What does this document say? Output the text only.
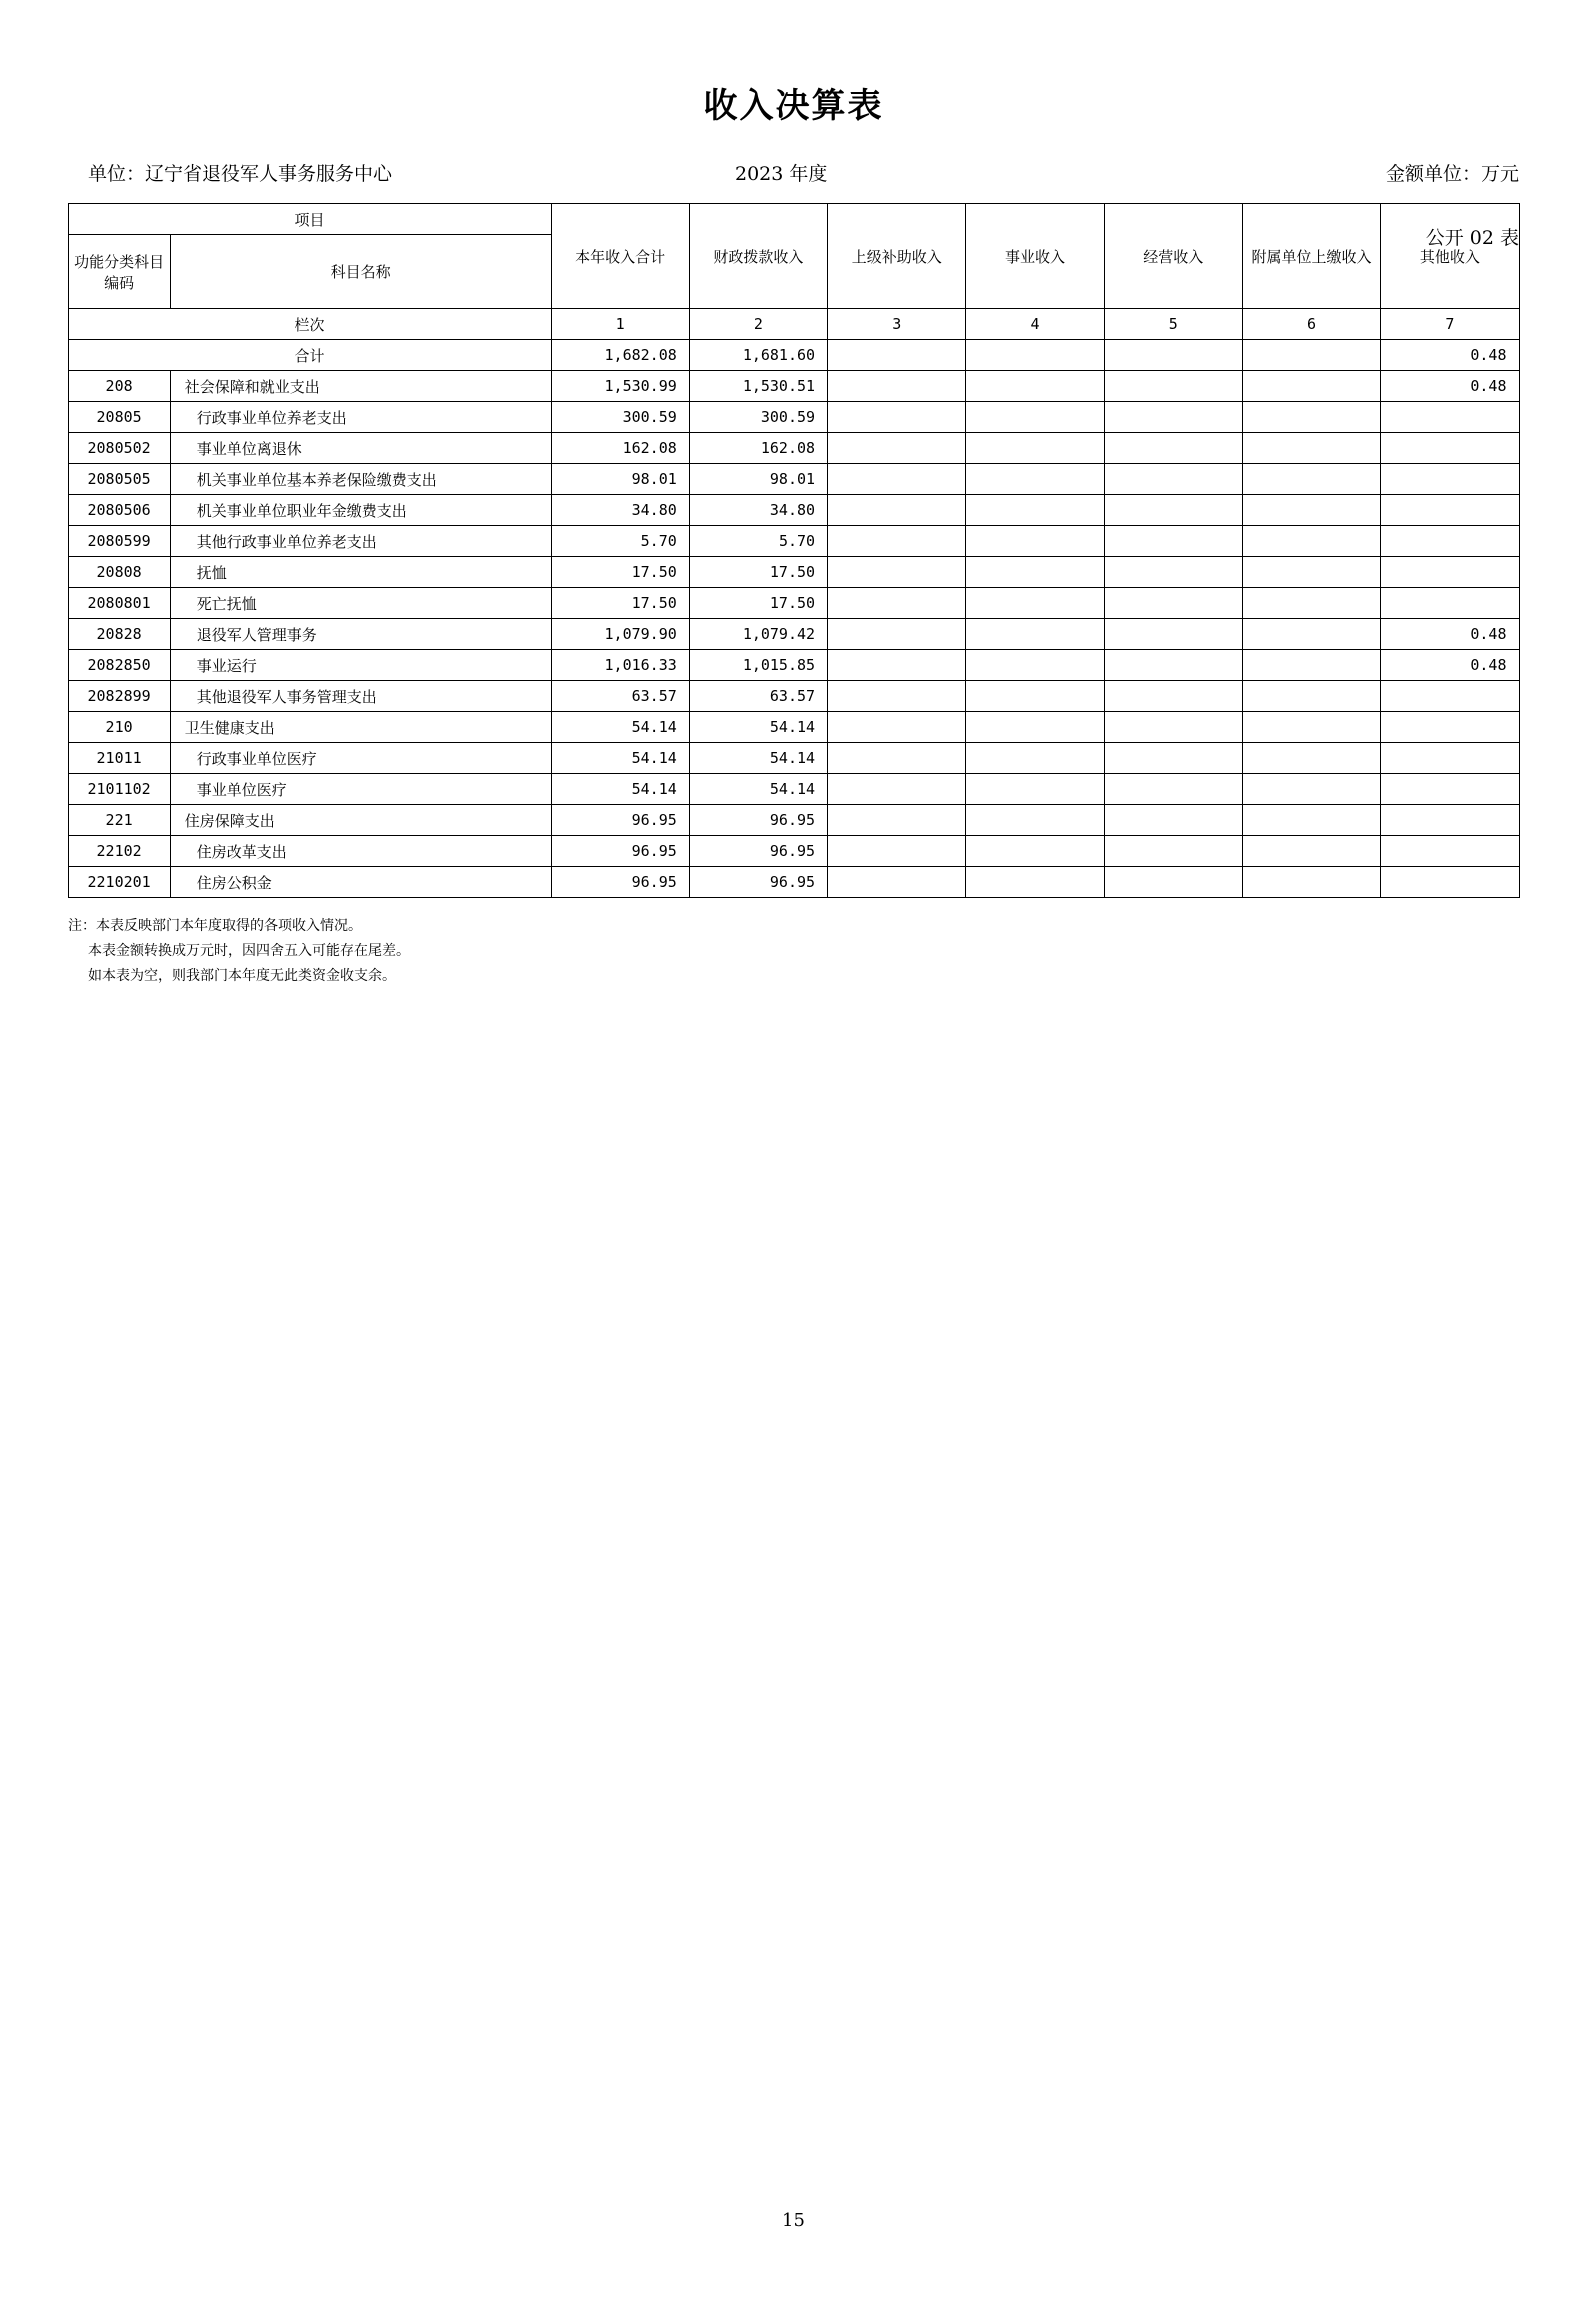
收入决算表
公开 02 表
单位：辽宁省退役军人事务服务中心	2023 年度	金额单位：万元
项目		本年收入合计	财政拨款收入	上级补助收入	事业收入	经营收入	附属单位上缴收入	其他收入
功能分类科目编码	科目名称							
栏次		1	2	3	4	5	6	7
合计		1,682.08	1,681.60					0.48
208	社会保障和就业支出	1,530.99	1,530.51					0.48
20805	行政事业单位养老支出	300.59	300.59					
2080502	事业单位离退休	162.08	162.08					
2080505	机关事业单位基本养老保险缴费支出	98.01	98.01					
2080506	机关事业单位职业年金缴费支出	34.80	34.80					
2080599	其他行政事业单位养老支出	5.70	5.70					
20808	抚恤	17.50	17.50					
2080801	死亡抚恤	17.50	17.50					
20828	退役军人管理事务	1,079.90	1,079.42					0.48
2082850	事业运行	1,016.33	1,015.85					0.48
2082899	其他退役军人事务管理支出	63.57	63.57					
210	卫生健康支出	54.14	54.14					
21011	行政事业单位医疗	54.14	54.14					
2101102	事业单位医疗	54.14	54.14					
221	住房保障支出	96.95	96.95					
22102	住房改革支出	96.95	96.95					
2210201	住房公积金	96.95	96.95					
注：本表反映部门本年度取得的各项收入情况。
本表金额转换成万元时，因四舍五入可能存在尾差。
如本表为空，则我部门本年度无此类资金收支余。
15
